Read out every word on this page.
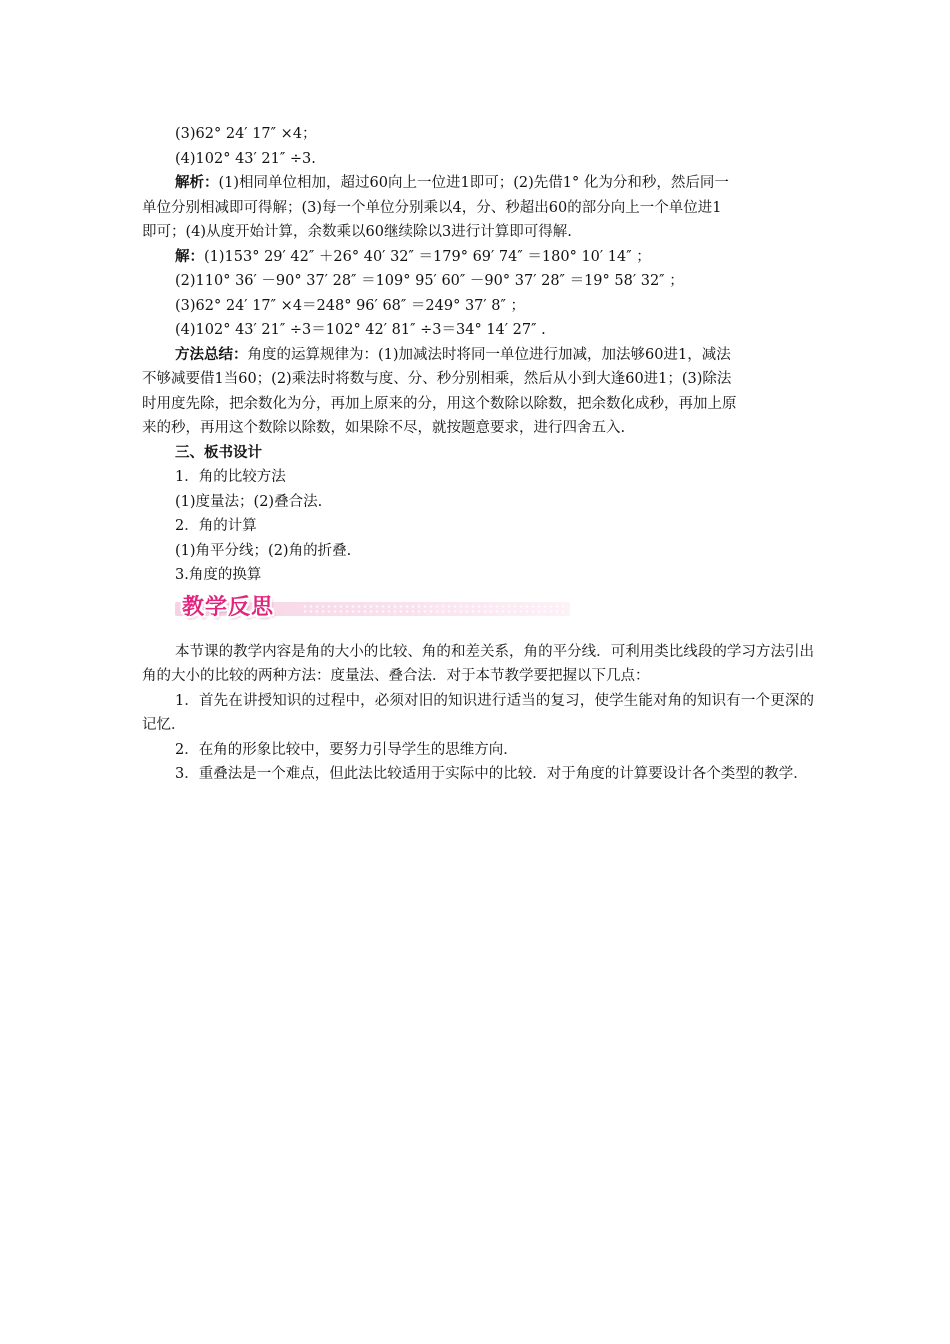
(3)62° 24′ 17″ ×4；
(4)102° 43′ 21″ ÷3.
解析：(1)相同单位相加，超过60向上一位进1即可；(2)先借1° 化为分和秒，然后同一
单位分别相减即可得解；(3)每一个单位分别乘以4，分、秒超出60的部分向上一个单位进1
即可；(4)从度开始计算，余数乘以60继续除以3进行计算即可得解.
解：(1)153° 29′ 42″ ＋26° 40′ 32″ ＝179° 69′ 74″ ＝180° 10′ 14″ ；
(2)110° 36′ －90° 37′ 28″ ＝109° 95′ 60″ －90° 37′ 28″ ＝19° 58′ 32″ ；
(3)62° 24′ 17″ ×4＝248° 96′ 68″ ＝249° 37′ 8″ ；
(4)102° 43′ 21″ ÷3＝102° 42′ 81″ ÷3＝34° 14′ 27″ .
方法总结：角度的运算规律为：(1)加减法时将同一单位进行加减，加法够60进1，减法
不够减要借1当60；(2)乘法时将数与度、分、秒分别相乘，然后从小到大逢60进1；(3)除法
时用度先除，把余数化为分，再加上原来的分，用这个数除以除数，把余数化成秒，再加上原
来的秒，再用这个数除以除数，如果除不尽，就按题意要求，进行四舍五入.
三、板书设计
1．角的比较方法
(1)度量法；(2)叠合法.
2．角的计算
(1)角平分线；(2)角的折叠.
3.角度的换算
教学反思
本节课的教学内容是角的大小的比较、角的和差关系，角的平分线．可利用类比线段的学习方法引出角的大小的比较的两种方法：度量法、叠合法．对于本节教学要把握以下几点：
1．首先在讲授知识的过程中，必须对旧的知识进行适当的复习，使学生能对角的知识有一个更深的记忆．
2．在角的形象比较中，要努力引导学生的思维方向．
3．重叠法是一个难点，但此法比较适用于实际中的比较．对于角度的计算要设计各个类型的教学．
